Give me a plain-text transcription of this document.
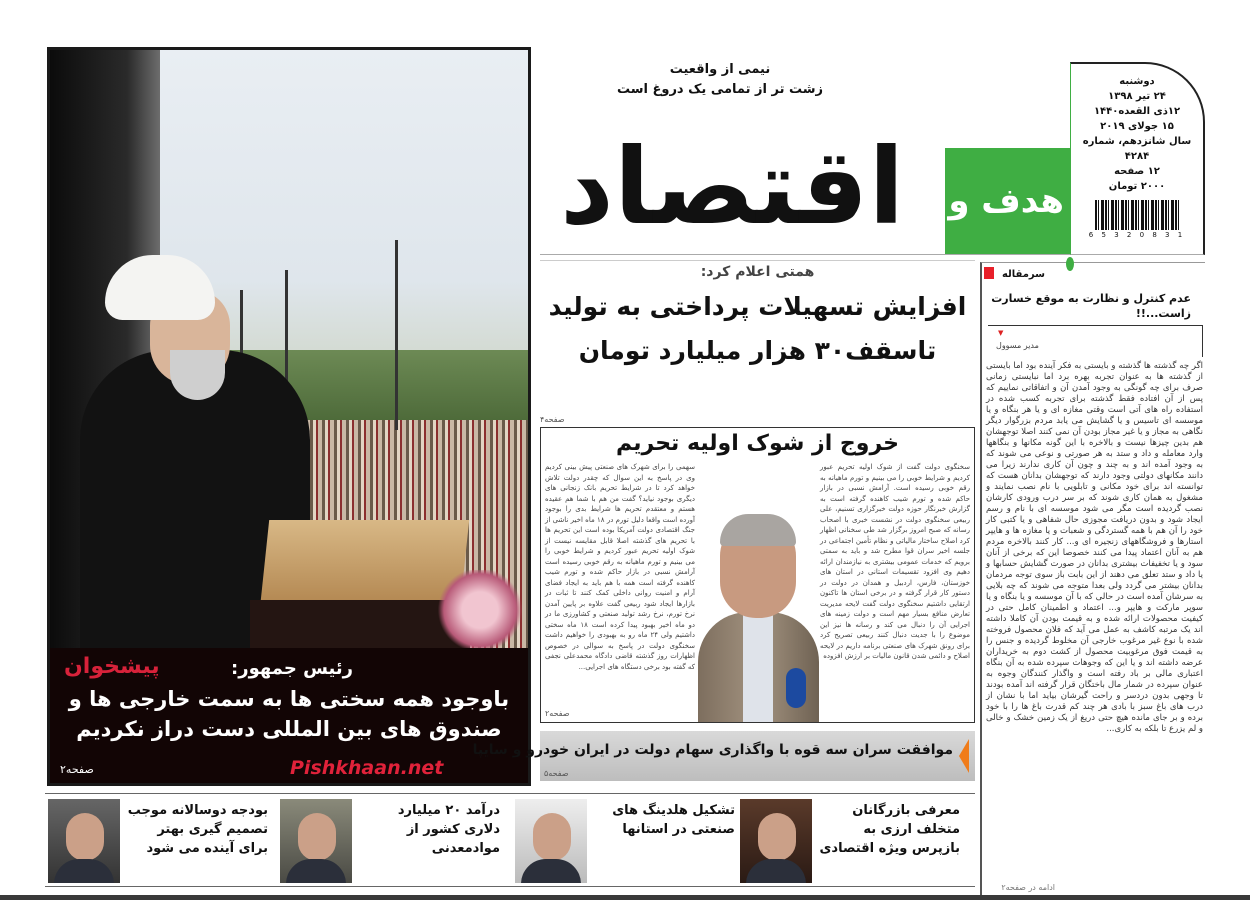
پیشخوان	رئیس جمهور:
باوجود همه سختی ها به سمت خارجی ها و صندوق های بین المللی دست دراز نکردیم
Pishkhaan.net
صفحه۲
اقتصاد هدف و
نیمی از واقعیت
زشت تر از تمامی یک دروغ است
دوشنبه
۲۴ تیر ۱۳۹۸
۱۲ذی القعده۱۴۴۰
۱۵ جولای ۲۰۱۹
سال شانزدهم، شماره ۴۲۸۴
۱۲ صفحه
۲۰۰۰ تومان
1 3 8 0 2 3 5 6
همتی اعلام کرد:
افزایش تسهیلات پرداختی به تولید
تاسقف۳۰ هزار میلیارد تومان
صفحه۴
خروج از شوک اولیه تحریم
سخنگوی دولت گفت از شوک اولیه تحریم عبور کردیم و شرایط خوبی را می بینیم و تورم ماهیانه به رقم خوبی رسیده است. آرامش نسبی در بازار حاکم شده و تورم شیب کاهنده گرفته است به گزارش خبرنگار حوزه دولت خبرگزاری تسنیم، علی ربیعی سخنگوی دولت در نشست خبری با اصحاب رسانه که صبح امروز برگزار شد طی سخنانی اظهار کرد اصلاح ساختار مالیاتی و نظام تأمین اجتماعی در جلسه اخیر سران قوا مطرح شد و باید به سمتی برویم که خدمات عمومی بیشتری به نیازمندان ارائه دهیم وی افزود تقسیمات استانی در استان های خوزستان، فارس، اردبیل و همدان در دولت در دستور کار قرار گرفته و در برخی استان ها تاکنون ارتقایی داشتیم سخنگوی دولت گفت لایحه مدیریت تعارض منافع بسیار مهم است و دولت زمینه های اجرایی آن را دنبال می کند و رسانه ها نیز این موضوع را با جدیت دنبال کنند ربیعی تصریح کرد برای رونق شهرک های صنعتی برنامه داریم در لایحه اصلاح و دائمی شدن قانون مالیات بر ارزش افزوده
سهمی را برای شهرک های صنعتی پیش بینی کردیم وی در پاسخ به این سوال که چقدر دولت تلاش خواهد کرد تا در شرایط تحریم بانک زنجانی های دیگری بوجود نیاید؟ گفت من هم با شما هم عقیده هستم و معتقدم تحریم ها شرایط بدی را بوجود آورده است واقعا دلیل تورم در ۱۸ ماه اخیر ناشی از جنگ اقتصادی دولت آمریکا بوده است این تحریم ها با تحریم های گذشته اصلا قابل مقایسه نیست از شوک اولیه تحریم عبور کردیم و شرایط خوبی را می بینیم و تورم ماهیانه به رقم خوبی رسیده است آرامش نسبی در بازار حاکم شده و تورم شیب کاهنده گرفته است همه با هم باید به ایجاد فضای آرام و امنیت روانی داخلی کمک کنند تا ثبات در بازارها ایجاد شود ربیعی گفت علاوه بر پایین آمدن نرخ تورم، نرخ رشد تولید صنعتی و کشاورزی ما در دو ماه اخیر بهبود پیدا کرده است ۱۸ ماه سختی داشتیم ولی ۲۴ ماه رو به بهبودی را خواهیم داشت سخنگوی دولت در پاسخ به سوالی در خصوص اظهارات روز گذشته قاضی دادگاه محمدعلی نجفی که گفته بود برخی دستگاه های اجرایی...
صفحه۲
موافقت سران سه قوه با واگذاری سهام دولت در ایران خودرو و سایپا
صفحه۵
سرمقاله
عدم کنترل و نظارت به موقع خسارت زاست...!!
▼
مدیر مسوول
اگر چه گذشته ها گذشته و بایستی به فکر آینده بود اما بایستی از گذشته ها به عنوان تجربه بهره برد اما نبایستی زمانی صرف برای چه گونگی به وجود آمدن آن و اتفاقاتی نماییم که پس از آن افتاده فقط گذشته برای تجربه کسب شده در استفاده راه های آتی است وقتی مغازه ای و یا هر بنگاه و یا موسسه ای تاسیس و یا گشایش می یابد مردم بزرگوار دیگر نگاهی به مجاز و یا غیر مجاز بودن آن نمی کنند اصلا توجهشان هم بدین چیزها نیست و بالاخره با این گونه مکانها و بنگاهها وارد معامله و داد و ستد به هر صورتی و نوعی می شوند که به وجود آمده اند و به چند و چون آن کاری ندارند زیرا می دانند مکانهای دولتی وجود دارند که توجهشان بدانان هست که توانسته اند برای خود مکانی و تابلویی با نام نصب نمایند و مشغول به همان کاری شوند که بر سر درب ورودی کارشان نصب گردیده است مگر می شود موسسه ای با نام و رسم ایجاد شود و بدون دریافت مجوزی حال شفاهی و یا کتبی کار خود را آن هم با همه گستردگی و شعبات و یا مغازه ها و هایپر استارها و فروشگاههای زنجیره ای و... کار کنند بالاخره مردم هم به آنان اعتماد پیدا می کنند خصوصا این که برخی از آنان سود و یا تخفیفات بیشتری بدانان در صورت گشایش حسابها و یا داد و ستد تعلق می دهند از این بابت باز سوی توجه مردمان بدانان بیشتر می گردد ولی بعدا متوجه می شوند که چه بلایی به سرشان آمده است در حالی که با آن موسسه و یا بنگاه و یا سوپر مارکت و هایپر و... اعتماد و اطمینان کامل حتی در کیفیت محصولات ارائه شده و به قیمت بودن آن کاملا داشته اند یک مرتبه کاشف به عمل می آید که فلان محصول فروخته شده با نوع غیر مرغوب خارجی آن مخلوط گردیده و جنس را به قیمت فوق مرغوبیت محصول از کشت دوم به خریداران عرضه داشته اند و یا این که وجوهات سپرده شده به آن بنگاه اعتباری مالی بر باد رفته است و واگذار کنندگان وجوه به عنوان سپرده در شمار مال باختگان قرار گرفته اند آمده بودند تا وجهی بدون دردسر و راحت گیرشان بیاید اما با نشان از درب های باغ سبز با بادی هر چند کم قدرت باغ ها را با خود برده و بر جای مانده هیچ حتی دریغ از یک زمین خشک و خالی و لم یزرع تا بلکه به کاری...
ادامه در صفحه۲
معرفی بازرگانان متخلف ارزی به بازپرس ویژه اقتصادی
تشکیل هلدینگ های صنعتی در استانها
درآمد ۲۰ میلیارد دلاری کشور از موادمعدنی
بودجه دوسالانه موجب تصمیم گیری بهتر برای آینده می شود
